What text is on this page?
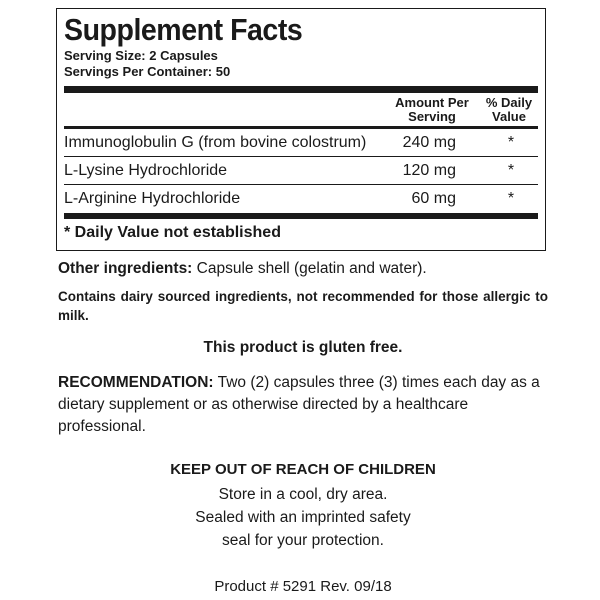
Supplement Facts
Serving Size: 2 Capsules
Servings Per Container: 50
Amount Per
Serving
% Daily
Value
Immunoglobulin G (from bovine colostrum) 240 mg	*
L-Lysine Hydrochloride	120 mg	*
L-Arginine Hydrochloride	60 mg	*
* Daily Value not established
Other ingredients: Capsule shell (gelatin and water).
Contains dairy sourced ingredients, not recommended for those allergic to milk.
This product is gluten free.
RECOMMENDATION: Two (2) capsules three (3) times each day as a dietary supplement or as otherwise directed by a healthcare professional.
KEEP OUT OF REACH OF CHILDREN
Store in a cool, dry area.
Sealed with an imprinted safety
seal for your protection.
Product # 5291 Rev. 09/18
